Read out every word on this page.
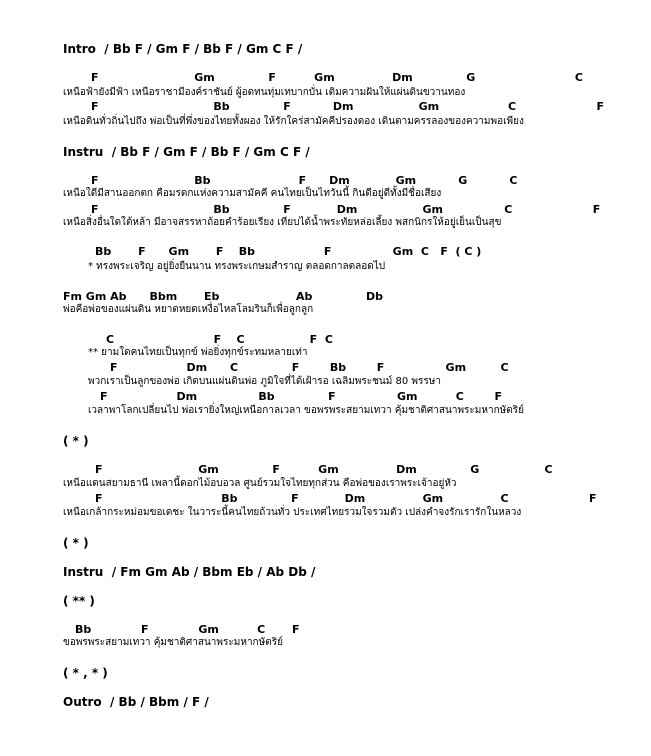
Intro  / Bb F / Gm F / Bb F / Gm C F /
F                         Gm              F          Gm               Dm              G                          C
เหนือฟ้ายังมีฟ้า เหนือราชามีองค์ราชันย์ ผู้อดทนทุ่มเทบากบั่น เติมความฝันให้แผ่นดินขวานทอง
F                              Bb              F           Dm                 Gm                  C                     F
เหนือดินทั่วถิ่นไปถึง พ่อเป็นที่พึ่งของไทยทั้งผอง ให้รักใคร่สามัคคีปรองดอง เดินตามครรลองของความพอเพียง
Instru  / Bb F / Gm F / Bb F / Gm C F /
F                         Bb                       F      Dm            Gm           G           C
เหนือใดีมีสานออกตก คือมรดกแห่งความสามัคคี คนไทยเป็นไทวันนี้ กินดีอยู่ดีทั้งมีชื่อเสียง
F                              Bb              F            Dm                 Gm                C                     F
เหนือสิ่งอื่นใดใต้หล้า มีอาจสรรหาถ้อยคำร้อยเรียง เทียบได้น้ำพระทัยหล่อเลี้ยง พสกนิกรให้อยู่เย็นเป็นสุข
Bb       F      Gm       F    Bb                  F                Gm  C   F  ( C )
* ทรงพระเจริญ อยู่ยิ่งยืนนาน ทรงพระเกษมสำราญ ตลอดกาลตลอดไป
Fm Gm Ab      Bbm       Eb                    Ab              Db
พ่อคือพ่อของแผ่นดิน หยาดหยดเหงื่อไหลโลมรินก็เพื่อลูกลูก
C                          F    C                 F  C
** ยามใดคนไทยเป็นทุกข์ พ่อยิ่งทุกข์ระทมหลายเท่า
F                  Dm      C              F        Bb        F                Gm         C
พวกเราเป็นลูกของพ่อ เกิดบนแผ่นดินพ่อ ภูมิใจที่ได้เฝ้ารอ เฉลิมพระชนม์ 80 พรรษา
F                  Dm                Bb              F                Gm          C        F
เวลาพาโลกเปลี่ยนไป พ่อเรายิ่งใหญ่เหนือกาลเวลา ขอพรพระสยามเทวา คุ้มชาติศาสนาพระมหากษัตริย์
( * )
F                         Gm              F          Gm               Dm              G                 C
เหนือแดนสยามธานี เพลานี้ดอกไม้อบอวล ศูนย์รวมใจไทยทุกส่วน คือพ่อของเราพระเจ้าอยู่หัว
F                               Bb              F            Dm               Gm               C                     F
เหนือเกล้ากระหม่อมขอเดชะ ในวาระนี้คนไทยถ้วนทั่ว ประเทศไทยรวมใจรวมตัว เปล่งคำจงรักเรารักในหลวง
( * )
Instru  / Fm Gm Ab / Bbm Eb / Ab Db /
( ** )
Bb             F             Gm          C       F
ขอพรพระสยามเทวา คุ้มชาติศาสนาพระมหากษัตริย์
( * , * )
Outro  / Bb / Bbm / F /
